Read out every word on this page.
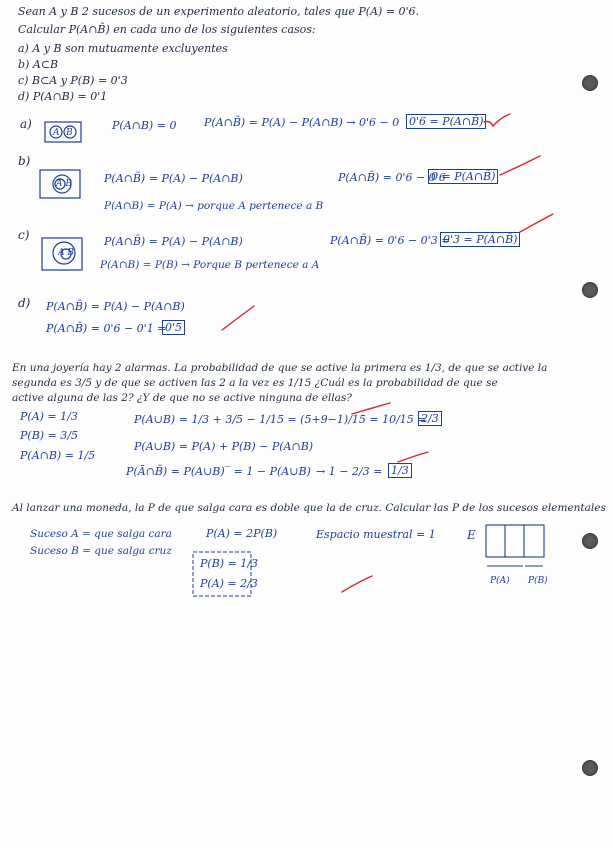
Sean A y B 2 sucesos de un experimento aleatorio, tales que P(A) = 0'6.
Calcular P(A∩B̄) en cada uno de los siguientes casos:
a) A y B son mutuamente excluyentes
b) A⊂B
c) B⊂A y P(B) = 0'3
d) P(A∩B) = 0'1
a)
A B
P(A∩B) = 0	P(A∩B̄) = P(A) − P(A∩B) → 0'6 − 0 0'6 = P(A∩B̄)
b)
A B	P(A∩B̄) = P(A) − P(A∩B)	P(A∩B̄) = 0'6 − 0'6
0 = P(A∩B̄)
P(A∩B) = P(A) → porque A pertenece a B
c)
A B
P(A∩B̄) = P(A) − P(A∩B)	P(A∩B̄) = 0'6 − 0'3 =
0'3 = P(A∩B̄)
P(A∩B) = P(B) → Porque B pertenece a A
d) P(A∩B̄) = P(A) − P(A∩B)
P(A∩B̄) = 0'6 − 0'1 =
0'5
En una joyería hay 2 alarmas. La probabilidad de que se active la primera es 1/3, de que se active la
segunda es 3/5 y de que se activen las 2 a la vez es 1/15 ¿Cuál es la probabilidad de que se
active alguna de las 2? ¿Y de que no se active ninguna de ellas?
P(A) = 1/3
P(B) = 3/5
P(A∩B) = 1/5
P(A∪B) = 1/3 + 3/5 − 1/15 = (5+9−1)/15 = 10/15 =
2/3
P(A∪B) = P(A) + P(B) − P(A∩B)
P(Ā∩B̄) = P(A∪B)‾ = 1 − P(A∪B) → 1 − 2/3 = 1/3
Al lanzar una moneda, la P de que salga cara es doble que la de cruz. Calcular las P de los sucesos elementales
Suceso A = que salga cara
Suceso B = que salga cruz
P(A) = 2P(B)	Espacio muestral = 1	E
P(B) = 1/3
P(A) = 2/3	P(A) P(B)
